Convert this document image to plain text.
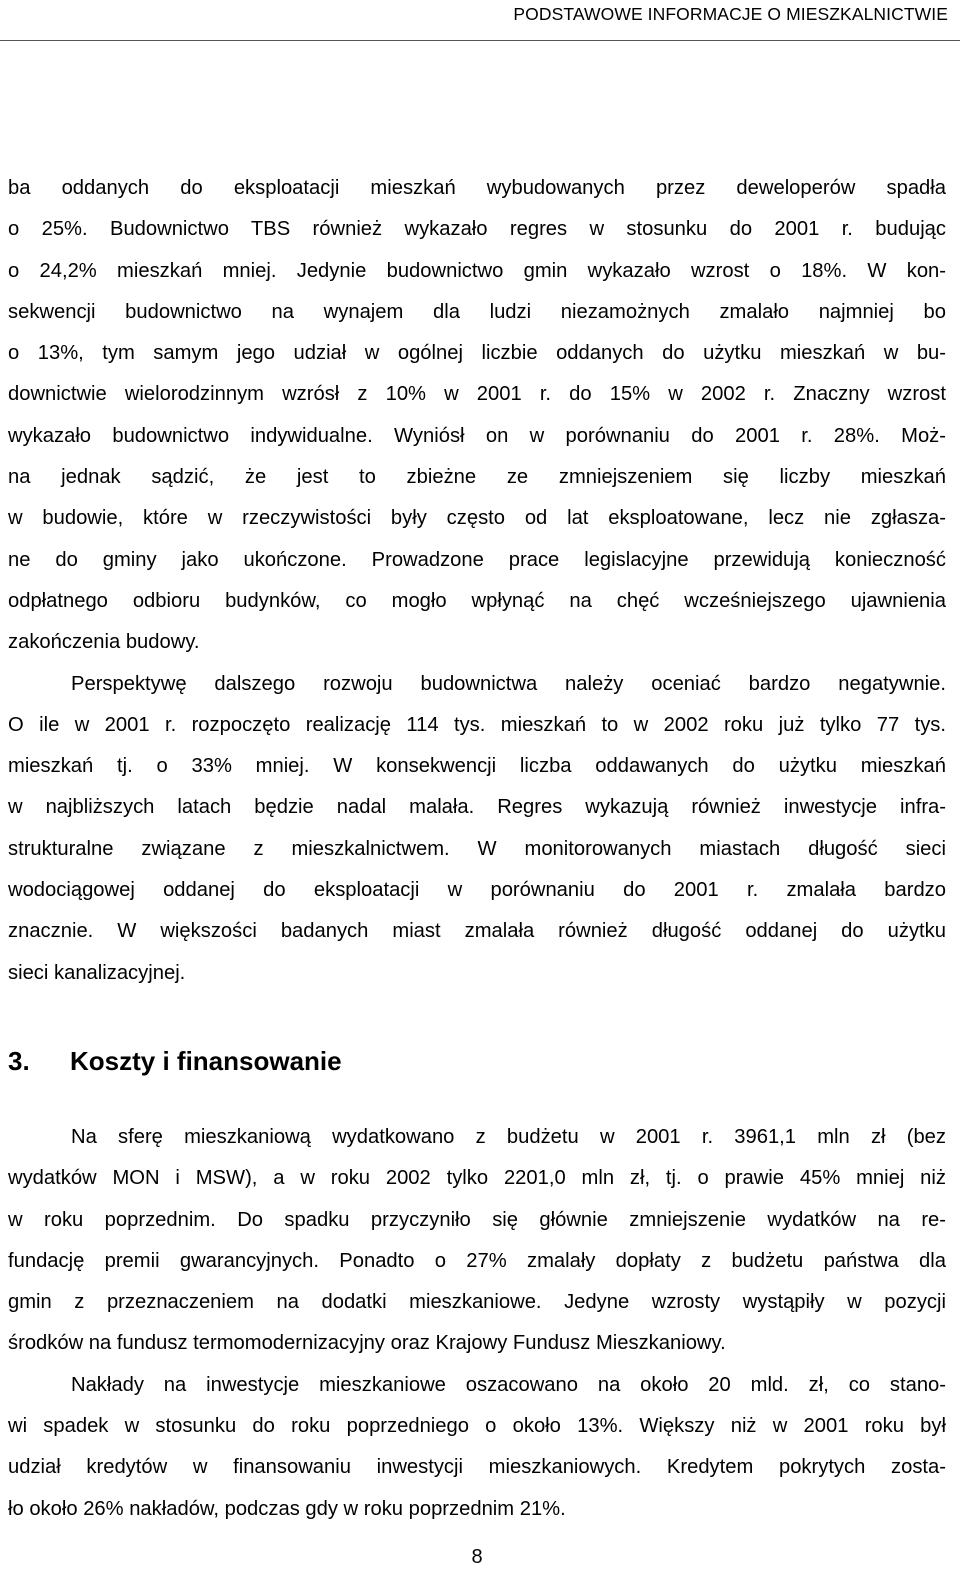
PODSTAWOWE INFORMACJE O MIESZKALNICTWIE

ba oddanych do eksploatacji mieszkań wybudowanych przez deweloperów spadła
o 25%. Budownictwo TBS również wykazało regres w stosunku do 2001 r. budując
o 24,2% mieszkań mniej. Jedynie budownictwo gmin wykazało wzrost o 18%. W kon-
sekwencji budownictwo na wynajem dla ludzi niezamożnych zmalało najmniej bo
o 13%, tym samym jego udział w ogólnej liczbie oddanych do użytku mieszkań w bu-
downictwie wielorodzinnym wzrósł z 10% w 2001 r. do 15% w 2002 r. Znaczny wzrost
wykazało budownictwo indywidualne. Wyniósł on w porównaniu do 2001 r. 28%. Moż-
na jednak sądzić, że jest to zbieżne ze zmniejszeniem się liczby mieszkań
w budowie, które w rzeczywistości były często od lat eksploatowane, lecz nie zgłasza-
ne do gminy jako ukończone. Prowadzone prace legislacyjne przewidują konieczność
odpłatnego odbioru budynków, co mogło wpłynąć na chęć wcześniejszego ujawnienia
zakończenia budowy.

Perspektywę dalszego rozwoju budownictwa należy oceniać bardzo negatywnie.
O ile w 2001 r. rozpoczęto realizację 114 tys. mieszkań to w 2002 roku już tylko 77 tys.
mieszkań tj. o 33% mniej. W konsekwencji liczba oddawanych do użytku mieszkań
w najbliższych latach będzie nadal malała. Regres wykazują również inwestycje infra-
strukturalne związane z mieszkalnictwem. W monitorowanych miastach długość sieci
wodociągowej oddanej do eksploatacji w porównaniu do 2001 r. zmalała bardzo
znacznie. W większości badanych miast zmalała również długość oddanej do użytku
sieci kanalizacyjnej.

3. Koszty i finansowanie

Na sferę mieszkaniową wydatkowano z budżetu w 2001 r. 3961,1 mln zł (bez
wydatków MON i MSW), a w roku 2002 tylko 2201,0 mln zł, tj. o prawie 45% mniej niż
w roku poprzednim. Do spadku przyczyniło się głównie zmniejszenie wydatków na re-
fundację premii gwarancyjnych. Ponadto o 27% zmalały dopłaty z budżetu państwa dla
gmin z przeznaczeniem na dodatki mieszkaniowe. Jedyne wzrosty wystąpiły w pozycji
środków na fundusz termomodernizacyjny oraz Krajowy Fundusz Mieszkaniowy.

Nakłady na inwestycje mieszkaniowe oszacowano na około 20 mld. zł, co stano-
wi spadek w stosunku do roku poprzedniego o około 13%. Większy niż w 2001 roku był
udział kredytów w finansowaniu inwestycji mieszkaniowych. Kredytem pokrytych zosta-
ło około 26% nakładów, podczas gdy w roku poprzednim 21%.

8
